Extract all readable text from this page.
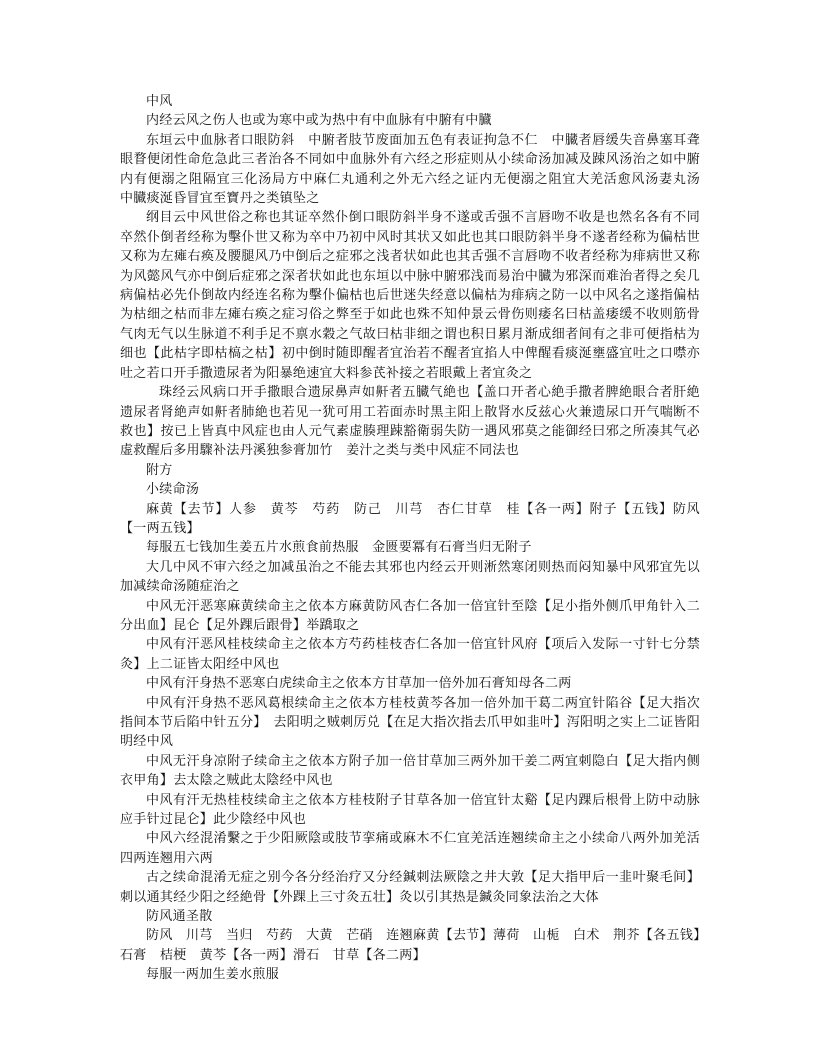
中风

内经云风之伤人也或为寒中或为热中有中血脉有中腑有中臓

东垣云中血脉者口眼防斜　中腑者肢节废面加五色有表证拘急不仁　中臓者唇缓失音鼻塞耳聋眼瞀便闭性命危急此三者治各不同如中血脉外有六经之形症则从小续命汤加减及踈风汤治之如中腑内有便溺之阻隔宜三化汤局方中麻仁丸通利之外无六经之证内无便溺之阻宜大羌活愈风汤妻丸汤　中臓痰涎昏冒宜至寶丹之类镇坠之

纲目云中风世俗之称也其证卒然仆倒口眼防斜半身不遂或舌强不言唇吻不收是也然名各有不同卒然仆倒者经称为擊仆世又称为卒中乃初中风时其状又如此也其口眼防斜半身不遂者经称为偏枯世又称为左瘫右痪及腰腿风乃中倒后之症邪之浅者状如此也其舌强不言唇吻不收者经称为痱病世又称为风懿风气亦中倒后症邪之深者状如此也东垣以中脉中腑邪浅而易治中臓为邪深而难治者得之矣几病偏枯必先仆倒故内经连名称为擊仆偏枯也后世迷失经意以偏枯为痱病之防一以中风名之遂指偏枯为枯细之枯而非左瘫右痪之症习俗之弊至于如此也殊不知仲景云骨伤则痿名曰枯盖痿缓不收则筋骨气肉无气以生脉道不利手足不禀水穀之气故曰枯非细之谓也积日累月渐成细者间有之非可便指枯为细也【此枯字即枯槁之枯】初中倒时随即醒者宜治若不醒者宜掐人中俾醒看痰涎壅盛宜吐之口噤亦吐之若口开手撒遗尿者为阳暴绝速宜大料参芪补接之若眼戴上者宜灸之

珠经云风病口开手撒眼合遗尿鼻声如鼾者五臓气絶也【盖口开者心絶手撒者脾絶眼合者肝絶遗尿者肾絶声如鼾者肺絶也若见一犹可用工若面赤时黒主阳上散肾水反兹心火兼遗尿口开气喘断不救也】按已上皆真中风症也由人元气素虚腠理踈豁衛弱失防一遇风邪莫之能御经曰邪之所凑其气必虚救醒后多用驟补法丹溪独参膏加竹　姜汁之类与类中风症不同法也

附方

小续命汤

麻黄【去节】人参　黄芩　芍药　防己　川芎　杏仁甘草　桂【各一两】附子【五钱】防风【一两五钱】

每服五七钱加生姜五片水煎食前热服　金匮要冪有石膏当归无附子

大几中风不审六经之加减虽治之不能去其邪也内经云开则淅然寒闭则热而闷知暴中风邪宜先以加减续命汤随症治之

中风无汗恶寒麻黄续命主之依本方麻黄防风杏仁各加一倍宜针至陰【足小指外侧爪甲角针入二分出血】昆仑【足外踝后跟骨】举蹻取之

中风有汗恶风桂枝续命主之依本方芍药桂枝杏仁各加一倍宜针风府【项后入发际一寸针七分禁灸】上二证皆太阳经中风也

中风有汗身热不恶寒白虎续命主之依本方甘草加一倍外加石膏知母各二两

中风有汗身热不恶风葛根续命主之依本方桂枝黄芩各加一倍外加干葛二两宜针陷谷【足大指次指间本节后陷中针五分】　去阳明之贼刺厉兑【在足大指次指去爪甲如韭叶】泻阳明之实上二证皆阳明经中风

中风无汗身凉附子续命主之依本方附子加一倍甘草加三两外加干姜二两宜刺隐白【足大指内侧衣甲角】去太陰之贼此太陰经中风也

中风有汗无热桂枝续命主之依本方桂枝附子甘草各加一倍宜针太谿【足内踝后根骨上防中动脉应手针过昆仑】此少陰经中风也

中风六经混淆繫之于少阳厥陰或肢节挛痛或麻木不仁宜羌活连翘续命主之小续命八两外加羌活四两连翘用六两

古之续命混淆无症之别今各分经治疗又分经鍼刺法厥陰之井大敦【足大指甲后一韭叶聚毛间】刺以通其经少阳之经絶骨【外踝上三寸灸五壮】灸以引其热是鍼灸同象法治之大体

防风通圣散

防风　川芎　当归　芍药　大黄　芒硝　连翘麻黄【去节】薄荷　山栀　白术　荆芥【各五钱】石膏　桔梗　黄芩【各一两】滑石　甘草【各二两】

每服一两加生姜水煎服
